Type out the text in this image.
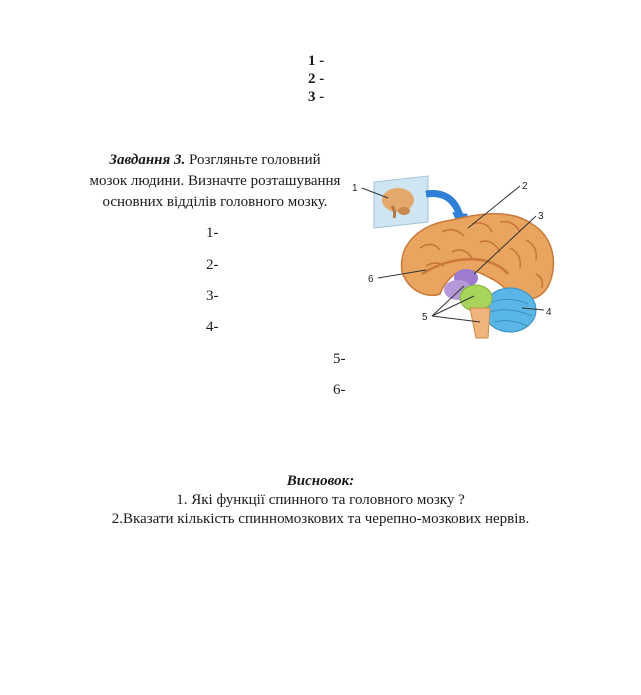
1 -
2 -
3 -
Завдання 3. Розгляньте головний
мозок людини. Визначте розташування
основних відділів головного мозку.
1-
2-
3-
4-
5-
6-
1	2
3
4
5
6
Висновок:
1. Які функції спинного та головного мозку ?
2.Вказати кількість спинномозкових та черепно-мозкових нервів.
